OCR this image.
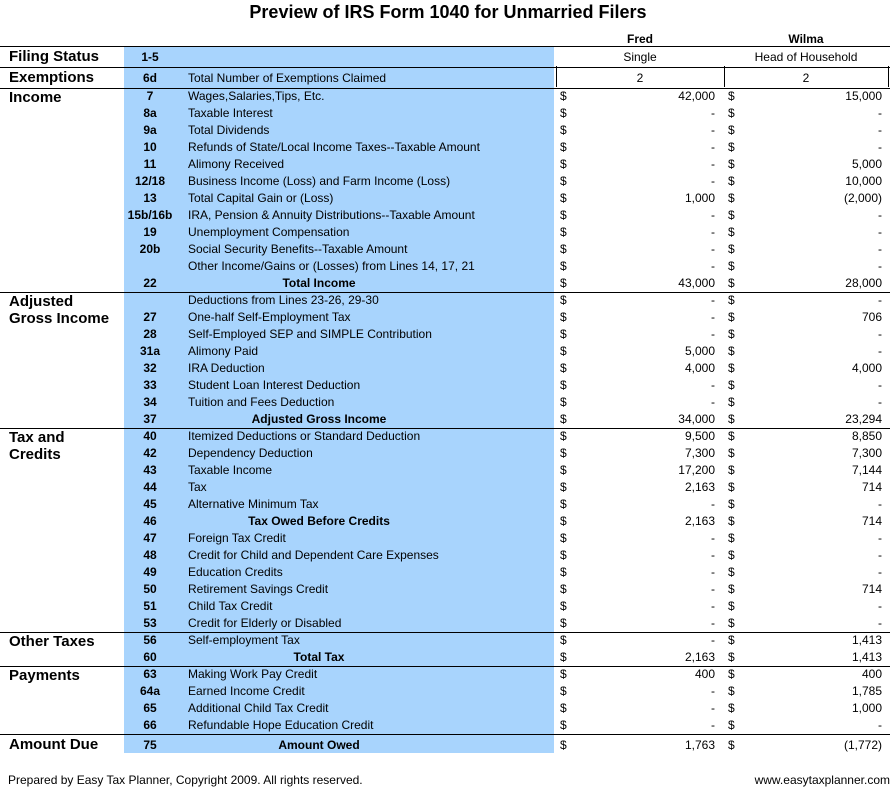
Preview of IRS Form 1040 for Unmarried Filers
Fred	Wilma
Filing Status	1-5	Single	Head of Household
Exemptions	6d	Total Number of Exemptions Claimed	2	2
Income	7	Wages,Salaries,Tips, Etc.	$	42,000 $	15,000
8a	Taxable Interest	$	- $	-
9a	Total Dividends	$	- $	-
10	Refunds of State/Local Income Taxes--Taxable Amount	$	- $	-
11	Alimony Received	$	- $	5,000
12/18	Business Income (Loss) and Farm Income (Loss)	$	- $	10,000
13	Total Capital Gain or (Loss)	$	1,000 $	(2,000)
15b/16b	IRA, Pension & Annuity Distributions--Taxable Amount	$	- $	-
19	Unemployment Compensation	$	- $	-
20b	Social Security Benefits--Taxable Amount	$	- $	-
Other Income/Gains or (Losses) from Lines 14, 17, 21	$	- $	-
22	Total Income	$	43,000 $	28,000
Adjusted	Deductions from Lines 23-26, 29-30	$	- $	-
Gross Income	27	One-half Self-Employment Tax	$	- $	706
28	Self-Employed SEP and SIMPLE Contribution	$	- $	-
31a	Alimony Paid	$	5,000 $	-
32	IRA Deduction	$	4,000 $	4,000
33	Student Loan Interest Deduction	$	- $	-
34	Tuition and Fees Deduction	$	- $	-
37	Adjusted Gross Income	$	34,000 $	23,294
Tax and	40	Itemized Deductions or Standard Deduction	$	9,500 $	8,850
Credits	42	Dependency Deduction	$	7,300 $	7,300
43	Taxable Income	$	17,200 $	7,144
44	Tax	$	2,163 $	714
45	Alternative Minimum Tax	$	- $	-
46	Tax Owed Before Credits	$	2,163 $	714
47	Foreign Tax Credit	$	- $	-
48	Credit for Child and Dependent Care Expenses	$	- $	-
49	Education Credits	$	- $	-
50	Retirement Savings Credit	$	- $	714
51	Child Tax Credit	$	- $	-
53	Credit for Elderly or Disabled	$	- $	-
Other Taxes	56	Self-employment Tax	$	- $	1,413
60	Total Tax	$	2,163 $	1,413
Payments	63	Making Work Pay Credit	$	400 $	400
64a	Earned Income Credit	$	- $	1,785
65	Additional Child Tax Credit	$	- $	1,000
66	Refundable Hope Education Credit	$	- $	-
Amount Due	75	Amount Owed	$	1,763 $	(1,772)
Prepared by Easy Tax Planner, Copyright 2009. All rights reserved.	www.easytaxplanner.com
